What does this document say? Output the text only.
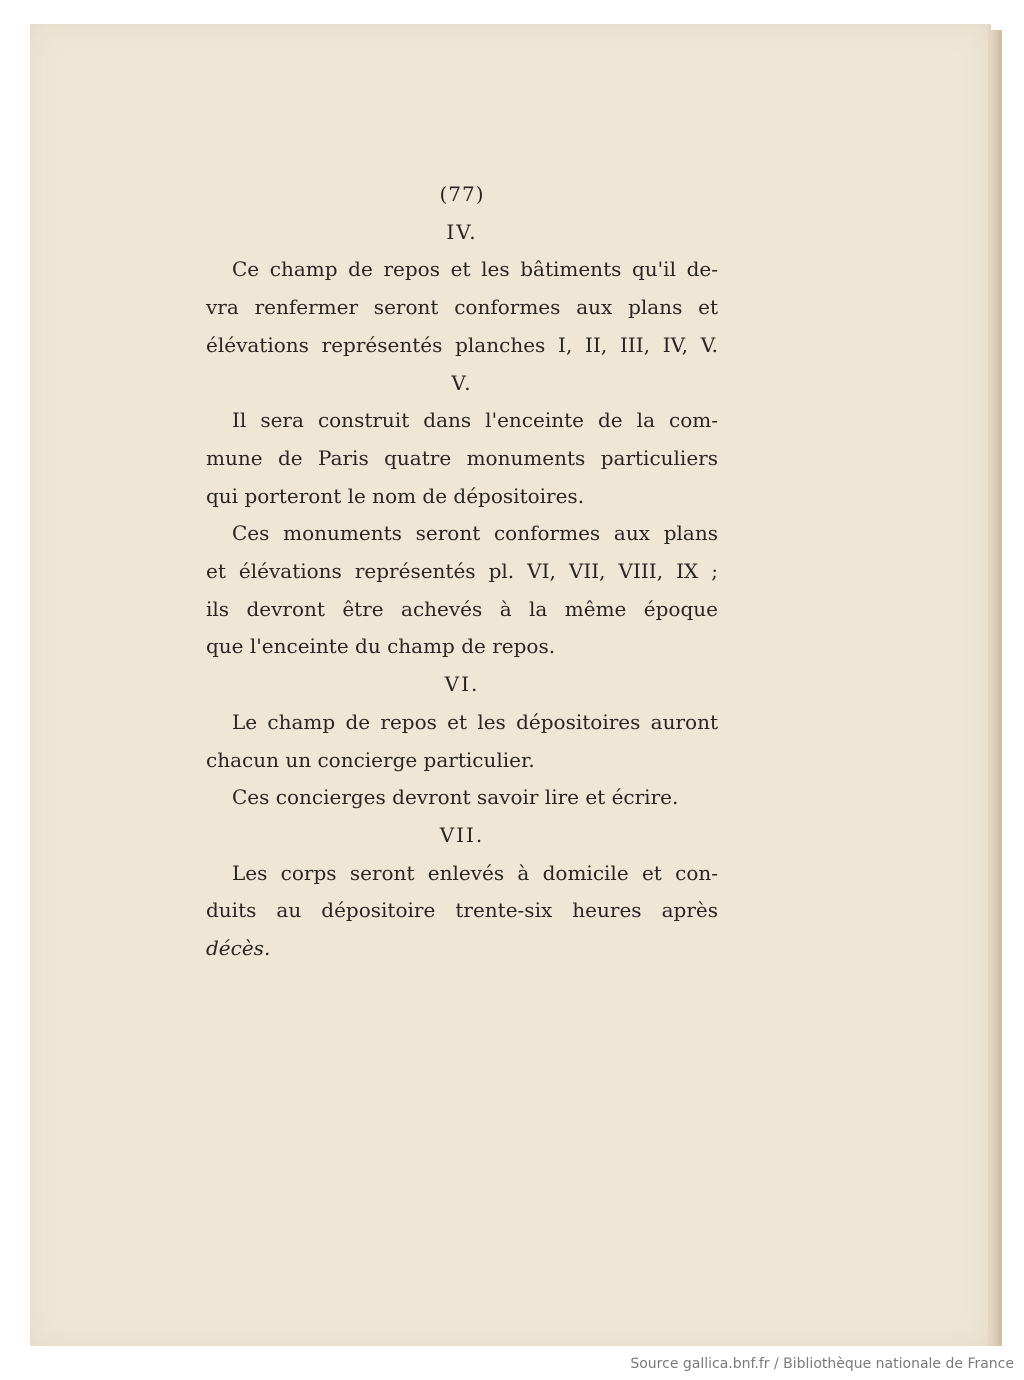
(77)
IV.
Ce champ de repos et les bâtiments qu'il de-
vra renfermer seront conformes aux plans et
élévations représentés planches I, II, III, IV, V.
V.
Il sera construit dans l'enceinte de la com-
mune de Paris quatre monuments particuliers
qui porteront le nom de dépositoires.
Ces monuments seront conformes aux plans
et élévations représentés pl. VI, VII, VIII, IX ;
ils devront être achevés à la même époque
que l'enceinte du champ de repos.
VI.
Le champ de repos et les dépositoires auront
chacun un concierge particulier.
Ces concierges devront savoir lire et écrire.
VII.
Les corps seront enlevés à domicile et con-
duits au dépositoire trente-six heures après
décès.
Source gallica.bnf.fr / Bibliothèque nationale de France
